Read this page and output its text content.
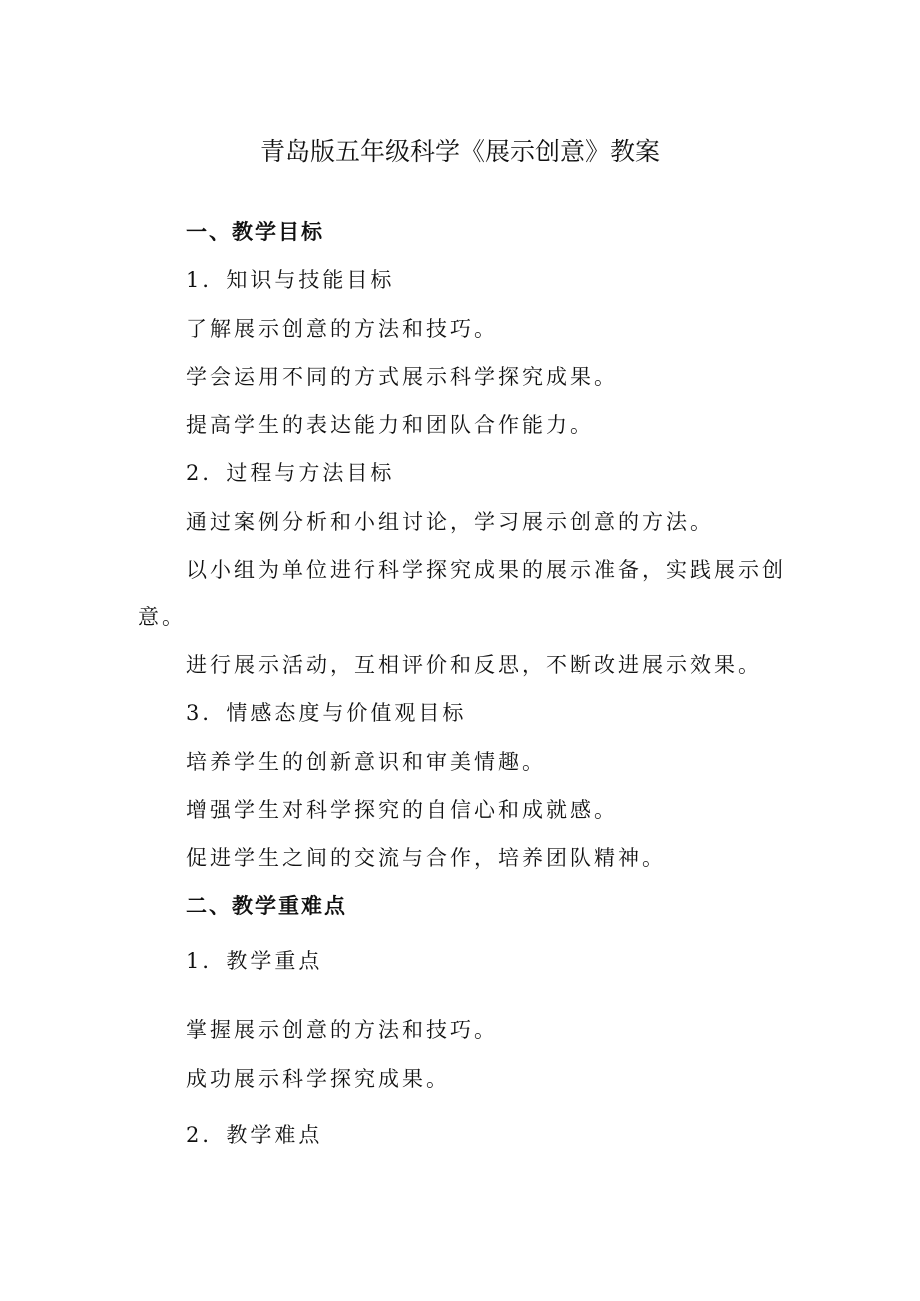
青岛版五年级科学《展示创意》教案
一、教学目标
1．知识与技能目标
了解展示创意的方法和技巧。
学会运用不同的方式展示科学探究成果。
提高学生的表达能力和团队合作能力。
2．过程与方法目标
通过案例分析和小组讨论，学习展示创意的方法。
以小组为单位进行科学探究成果的展示准备，实践展示创
意。
进行展示活动，互相评价和反思，不断改进展示效果。
3．情感态度与价值观目标
培养学生的创新意识和审美情趣。
增强学生对科学探究的自信心和成就感。
促进学生之间的交流与合作，培养团队精神。
二、教学重难点
1．教学重点
掌握展示创意的方法和技巧。
成功展示科学探究成果。
2．教学难点
